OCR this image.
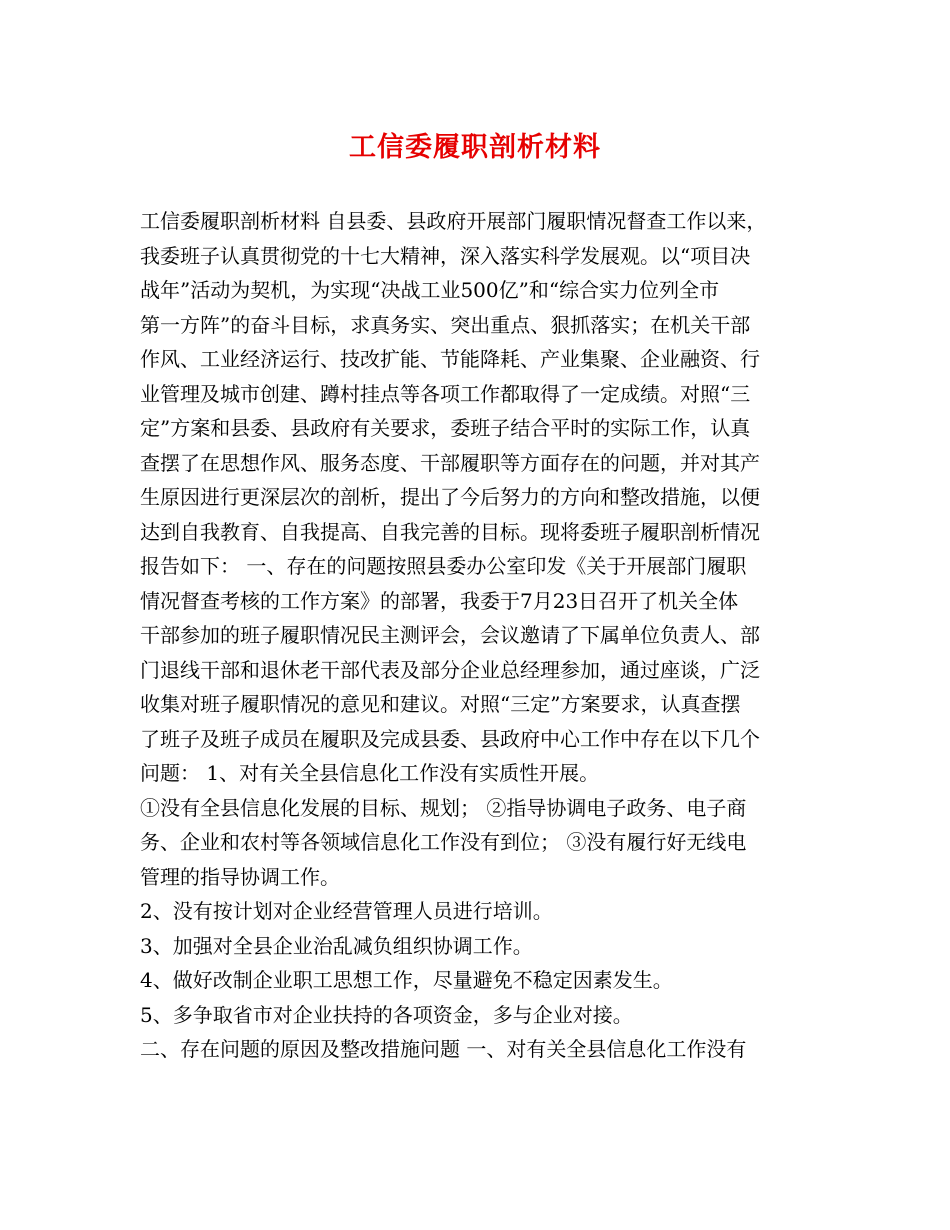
工信委履职剖析材料
工信委履职剖析材料 自县委、县政府开展部门履职情况督查工作以来，
我委班子认真贯彻党的十七大精神，深入落实科学发展观。以“项目决
战年”活动为契机，为实现“决战工业500亿”和“综合实力位列全市
第一方阵”的奋斗目标，求真务实、突出重点、狠抓落实；在机关干部
作风、工业经济运行、技改扩能、节能降耗、产业集聚、企业融资、行
业管理及城市创建、蹲村挂点等各项工作都取得了一定成绩。对照“三
定”方案和县委、县政府有关要求，委班子结合平时的实际工作，认真
查摆了在思想作风、服务态度、干部履职等方面存在的问题，并对其产
生原因进行更深层次的剖析，提出了今后努力的方向和整改措施，以便
达到自我教育、自我提高、自我完善的目标。现将委班子履职剖析情况
报告如下： 一、存在的问题按照县委办公室印发《关于开展部门履职
情况督查考核的工作方案》的部署，我委于7月23日召开了机关全体
干部参加的班子履职情况民主测评会，会议邀请了下属单位负责人、部
门退线干部和退休老干部代表及部分企业总经理参加，通过座谈，广泛
收集对班子履职情况的意见和建议。对照“三定”方案要求，认真查摆
了班子及班子成员在履职及完成县委、县政府中心工作中存在以下几个
问题： 1、对有关全县信息化工作没有实质性开展。
①没有全县信息化发展的目标、规划； ②指导协调电子政务、电子商
务、企业和农村等各领域信息化工作没有到位； ③没有履行好无线电
管理的指导协调工作。
2、没有按计划对企业经营管理人员进行培训。
3、加强对全县企业治乱减负组织协调工作。
4、做好改制企业职工思想工作，尽量避免不稳定因素发生。
5、多争取省市对企业扶持的各项资金，多与企业对接。
二、存在问题的原因及整改措施问题 一、对有关全县信息化工作没有
